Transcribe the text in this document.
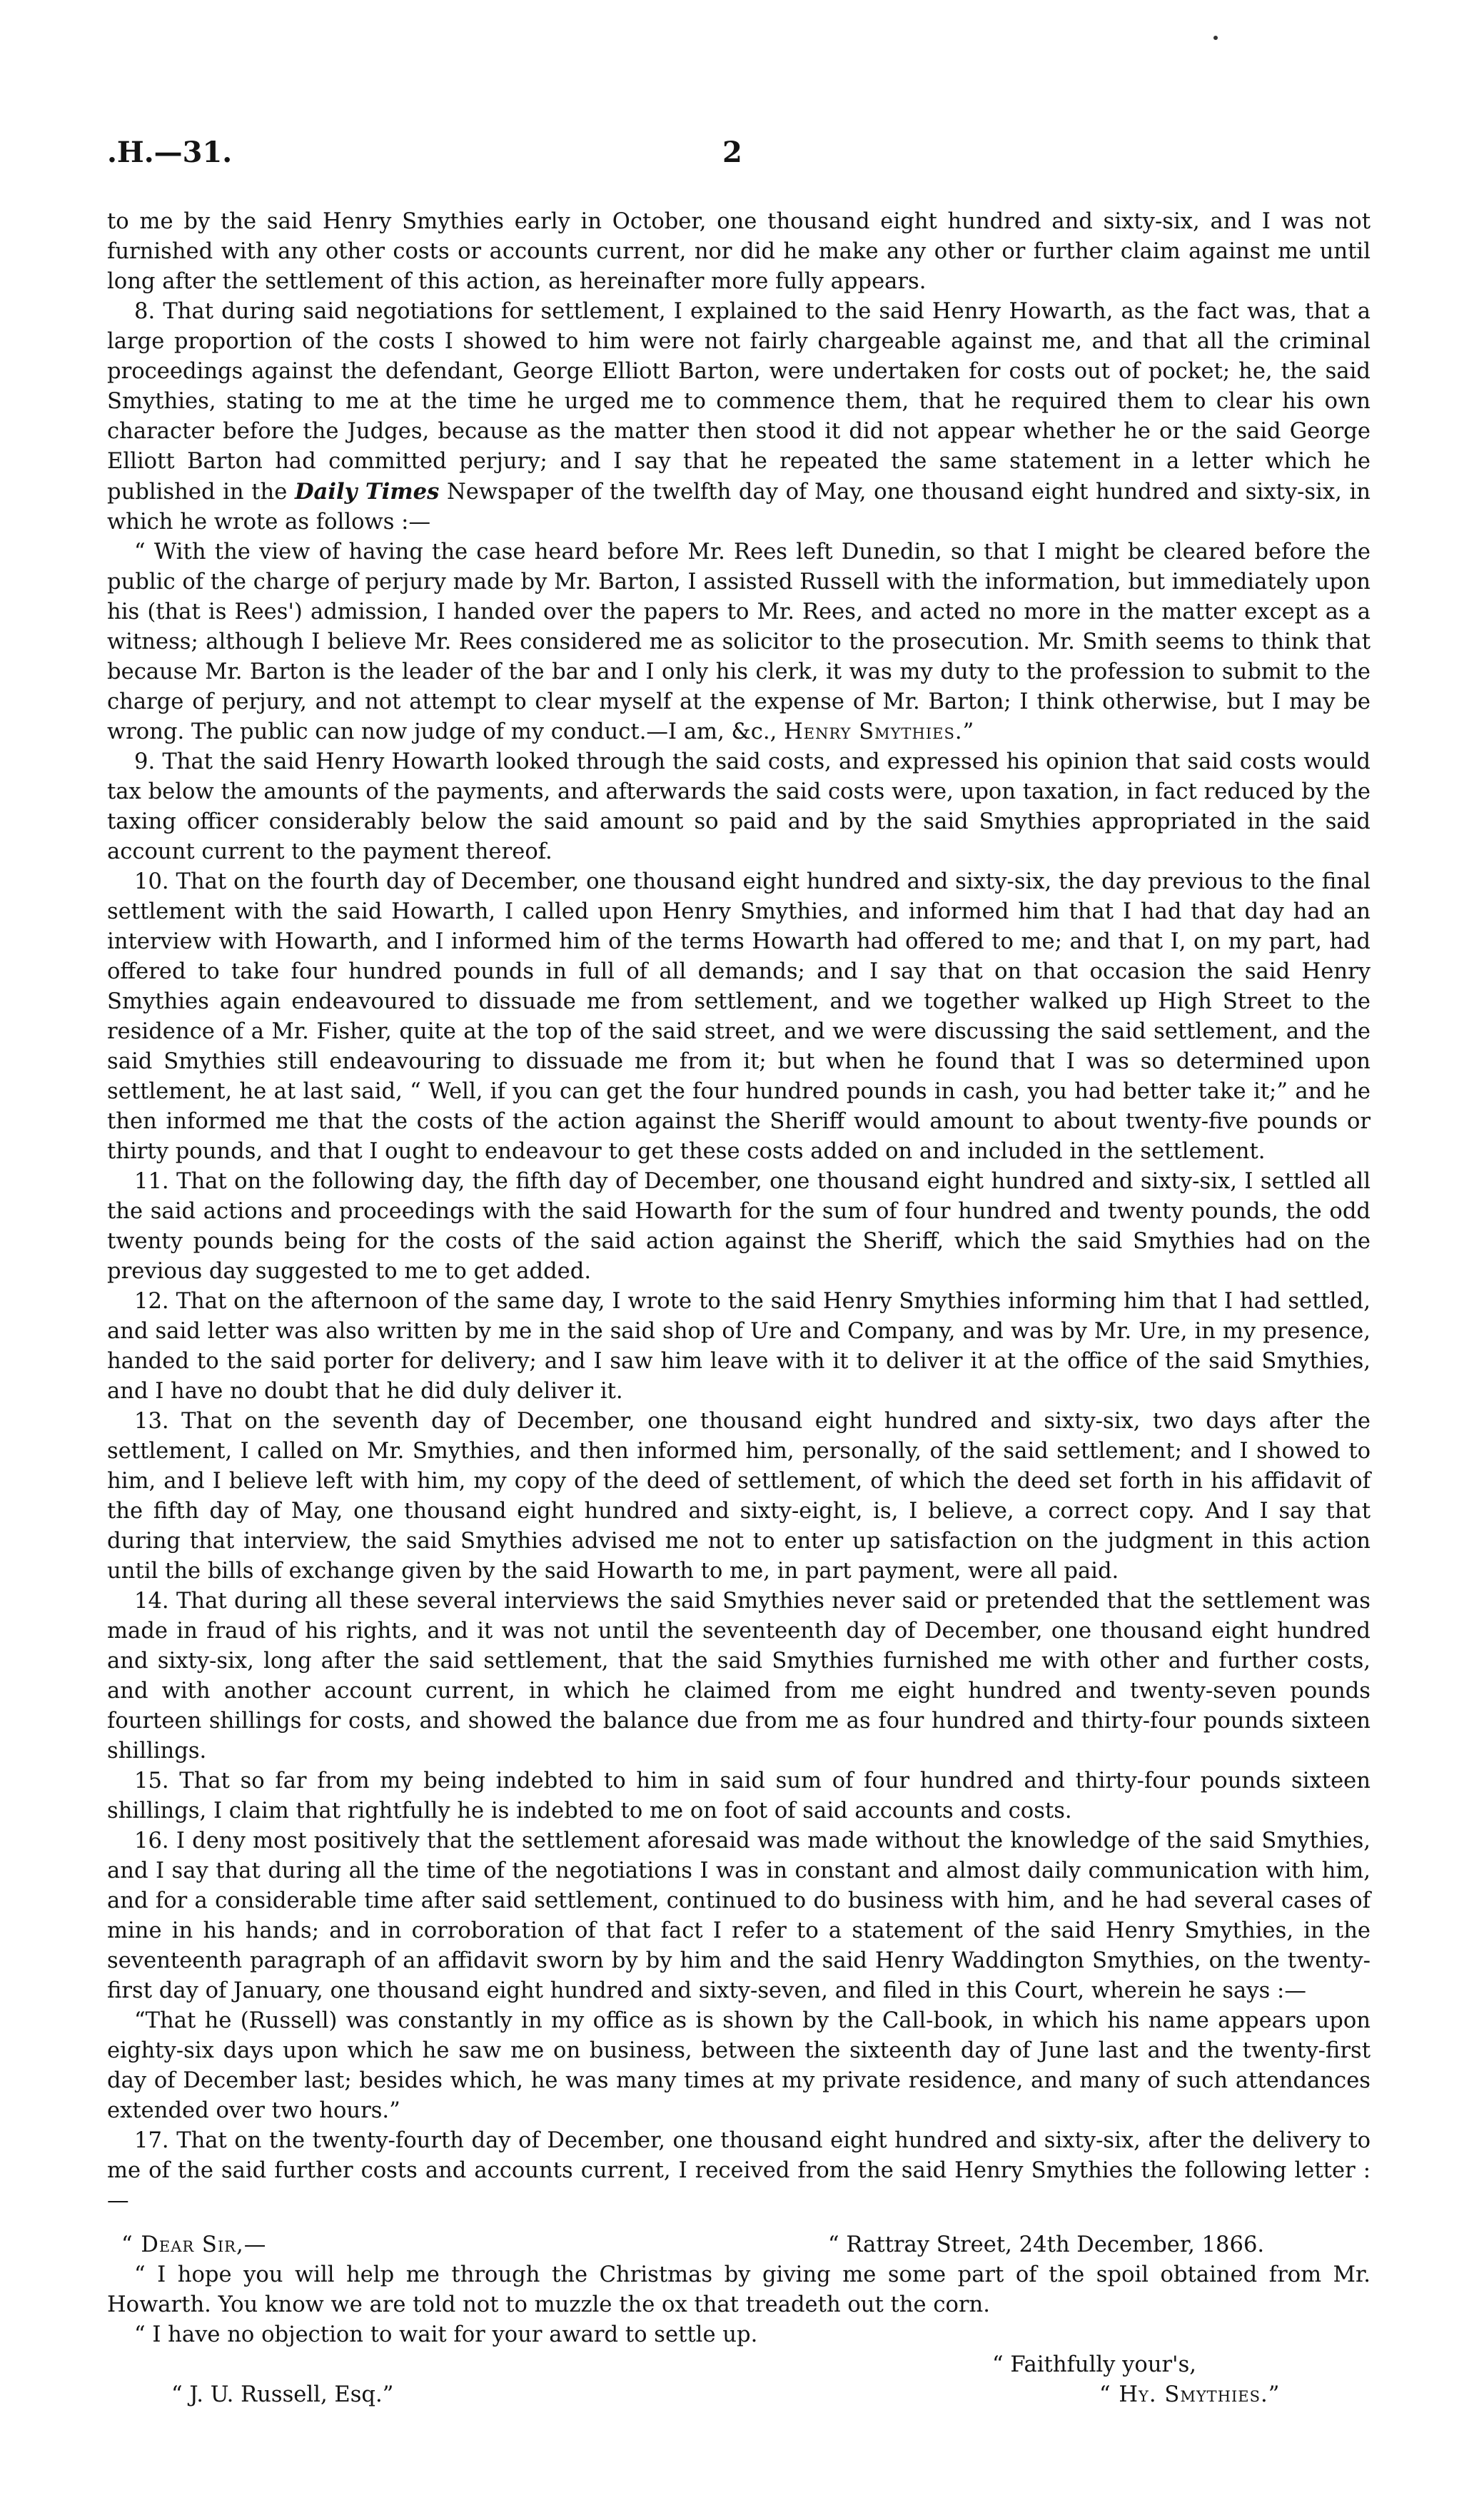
.H.—31.	2

to me by the said Henry Smythies early in October, one thousand eight hundred and sixty-six, and I was not furnished with any other costs or accounts current, nor did he make any other or further claim against me until long after the settlement of this action, as hereinafter more fully appears.

8. That during said negotiations for settlement, I explained to the said Henry Howarth, as the fact was, that a large proportion of the costs I showed to him were not fairly chargeable against me, and that all the criminal proceedings against the defendant, George Elliott Barton, were undertaken for costs out of pocket; he, the said Smythies, stating to me at the time he urged me to commence them, that he required them to clear his own character before the Judges, because as the matter then stood it did not appear whether he or the said George Elliott Barton had committed perjury; and I say that he repeated the same statement in a letter which he published in the Daily Times Newspaper of the twelfth day of May, one thousand eight hundred and sixty-six, in which he wrote as follows :—

“ With the view of having the case heard before Mr. Rees left Dunedin, so that I might be cleared before the public of the charge of perjury made by Mr. Barton, I assisted Russell with the information, but immediately upon his (that is Rees') admission, I handed over the papers to Mr. Rees, and acted no more in the matter except as a witness; although I believe Mr. Rees considered me as solicitor to the prosecution. Mr. Smith seems to think that because Mr. Barton is the leader of the bar and I only his clerk, it was my duty to the profession to submit to the charge of perjury, and not attempt to clear myself at the expense of Mr. Barton; I think otherwise, but I may be wrong. The public can now judge of my conduct.—I am, &c., Henry Smythies.”

9. That the said Henry Howarth looked through the said costs, and expressed his opinion that said costs would tax below the amounts of the payments, and afterwards the said costs were, upon taxation, in fact reduced by the taxing officer considerably below the said amount so paid and by the said Smythies appropriated in the said account current to the payment thereof.

10. That on the fourth day of December, one thousand eight hundred and sixty-six, the day previous to the final settlement with the said Howarth, I called upon Henry Smythies, and informed him that I had that day had an interview with Howarth, and I informed him of the terms Howarth had offered to me; and that I, on my part, had offered to take four hundred pounds in full of all demands; and I say that on that occasion the said Henry Smythies again endeavoured to dissuade me from settlement, and we together walked up High Street to the residence of a Mr. Fisher, quite at the top of the said street, and we were discussing the said settlement, and the said Smythies still endeavouring to dissuade me from it; but when he found that I was so determined upon settlement, he at last said, “ Well, if you can get the four hundred pounds in cash, you had better take it;” and he then informed me that the costs of the action against the Sheriff would amount to about twenty-five pounds or thirty pounds, and that I ought to endeavour to get these costs added on and included in the settlement.

11. That on the following day, the fifth day of December, one thousand eight hundred and sixty-six, I settled all the said actions and proceedings with the said Howarth for the sum of four hundred and twenty pounds, the odd twenty pounds being for the costs of the said action against the Sheriff, which the said Smythies had on the previous day suggested to me to get added.

12. That on the afternoon of the same day, I wrote to the said Henry Smythies informing him that I had settled, and said letter was also written by me in the said shop of Ure and Company, and was by Mr. Ure, in my presence, handed to the said porter for delivery; and I saw him leave with it to deliver it at the office of the said Smythies, and I have no doubt that he did duly deliver it.

13. That on the seventh day of December, one thousand eight hundred and sixty-six, two days after the settlement, I called on Mr. Smythies, and then informed him, personally, of the said settlement; and I showed to him, and I believe left with him, my copy of the deed of settlement, of which the deed set forth in his affidavit of the fifth day of May, one thousand eight hundred and sixty-eight, is, I believe, a correct copy. And I say that during that interview, the said Smythies advised me not to enter up satisfaction on the judgment in this action until the bills of exchange given by the said Howarth to me, in part payment, were all paid.

14. That during all these several interviews the said Smythies never said or pretended that the settlement was made in fraud of his rights, and it was not until the seventeenth day of December, one thousand eight hundred and sixty-six, long after the said settlement, that the said Smythies furnished me with other and further costs, and with another account current, in which he claimed from me eight hundred and twenty-seven pounds fourteen shillings for costs, and showed the balance due from me as four hundred and thirty-four pounds sixteen shillings.

15. That so far from my being indebted to him in said sum of four hundred and thirty-four pounds sixteen shillings, I claim that rightfully he is indebted to me on foot of said accounts and costs.

16. I deny most positively that the settlement aforesaid was made without the knowledge of the said Smythies, and I say that during all the time of the negotiations I was in constant and almost daily communication with him, and for a considerable time after said settlement, continued to do business with him, and he had several cases of mine in his hands; and in corroboration of that fact I refer to a statement of the said Henry Smythies, in the seventeenth paragraph of an affidavit sworn by by him and the said Henry Waddington Smythies, on the twenty-first day of January, one thousand eight hundred and sixty-seven, and filed in this Court, wherein he says :—

“That he (Russell) was constantly in my office as is shown by the Call-book, in which his name appears upon eighty-six days upon which he saw me on business, between the sixteenth day of June last and the twenty-first day of December last; besides which, he was many times at my private residence, and many of such attendances extended over two hours.”

17. That on the twenty-fourth day of December, one thousand eight hundred and sixty-six, after the delivery to me of the said further costs and accounts current, I received from the said Henry Smythies the following letter :—

“ Dear Sir,—	“ Rattray Street, 24th December, 1866.

“ I hope you will help me through the Christmas by giving me some part of the spoil obtained from Mr. Howarth. You know we are told not to muzzle the ox that treadeth out the corn.

“ I have no objection to wait for your award to settle up.

“ Faithfully your's,
“ J. U. Russell, Esq.”	“ Hy. Smythies.”
